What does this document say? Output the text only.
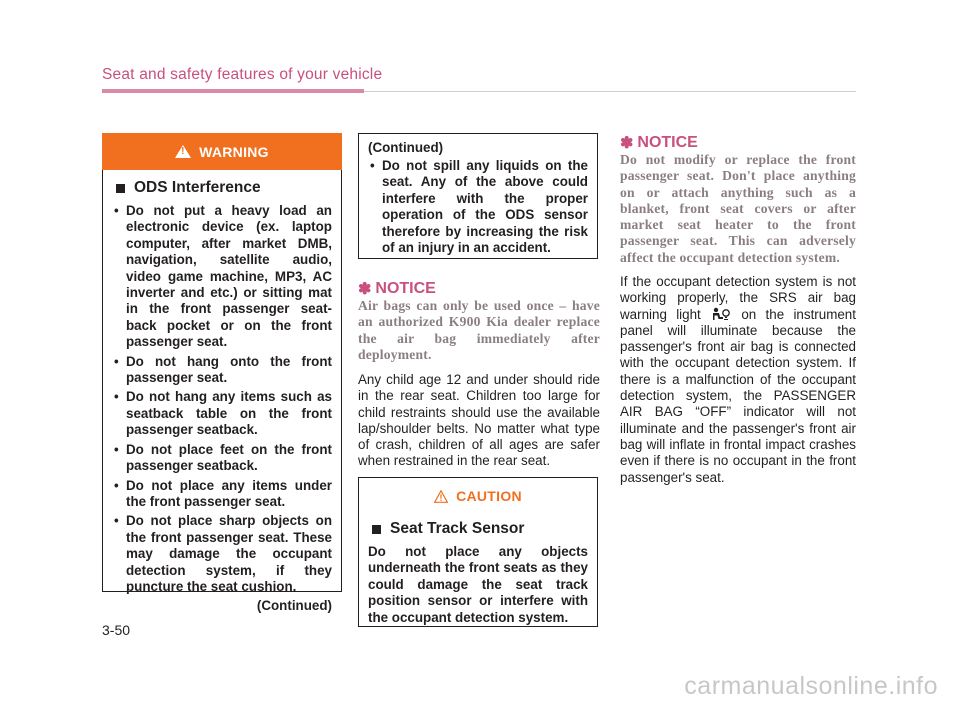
Seat and safety features of your vehicle
!
WARNING
ODS Interference
• Do not put a heavy load an electronic device (ex. laptop computer, after market DMB, navigation, satellite audio, video game machine, MP3, AC inverter and etc.) or sitting mat in the front passenger seat-back pocket or on the front passenger seat.
• Do not hang onto the front passenger seat.
• Do not hang any items such as seatback table on the front passenger seatback.
• Do not place feet on the front passenger seatback.
• Do not place any items under the front passenger seat.
• Do not place sharp objects on the front passenger seat. These may damage the occupant detection system, if they puncture the seat cushion.
(Continued)
(Continued)
• Do not spill any liquids on the seat. Any of the above could interfere with the proper operation of the ODS sensor therefore by increasing the risk of an injury in an accident.
✽ NOTICE
Air bags can only be used once – have an authorized K900 Kia dealer replace the air bag immediately after deployment.
Any child age 12 and under should ride in the rear seat. Children too large for child restraints should use the available lap/shoulder belts. No matter what type of crash, children of all ages are safer when restrained in the rear seat.
CAUTION
Seat Track Sensor
Do not place any objects underneath the front seats as they could damage the seat track position sensor or interfere with the occupant detection system.
✽ NOTICE
Do not modify or replace the front passenger seat. Don't place anything on or attach anything such as a blanket, front seat covers or after market seat heater to the front passenger seat. This can adversely affect the occupant detection system.
If the occupant detection system is not working properly, the SRS air bag warning light	on the instrument panel will illuminate because the passenger's front air bag is connected with the occupant detection system. If there is a malfunction of the occupant detection system, the PASSENGER AIR BAG “OFF” indicator will not illuminate and the passenger's front air bag will inflate in frontal impact crashes even if there is no occupant in the front passenger's seat.
3-50
carmanualsonline.info
